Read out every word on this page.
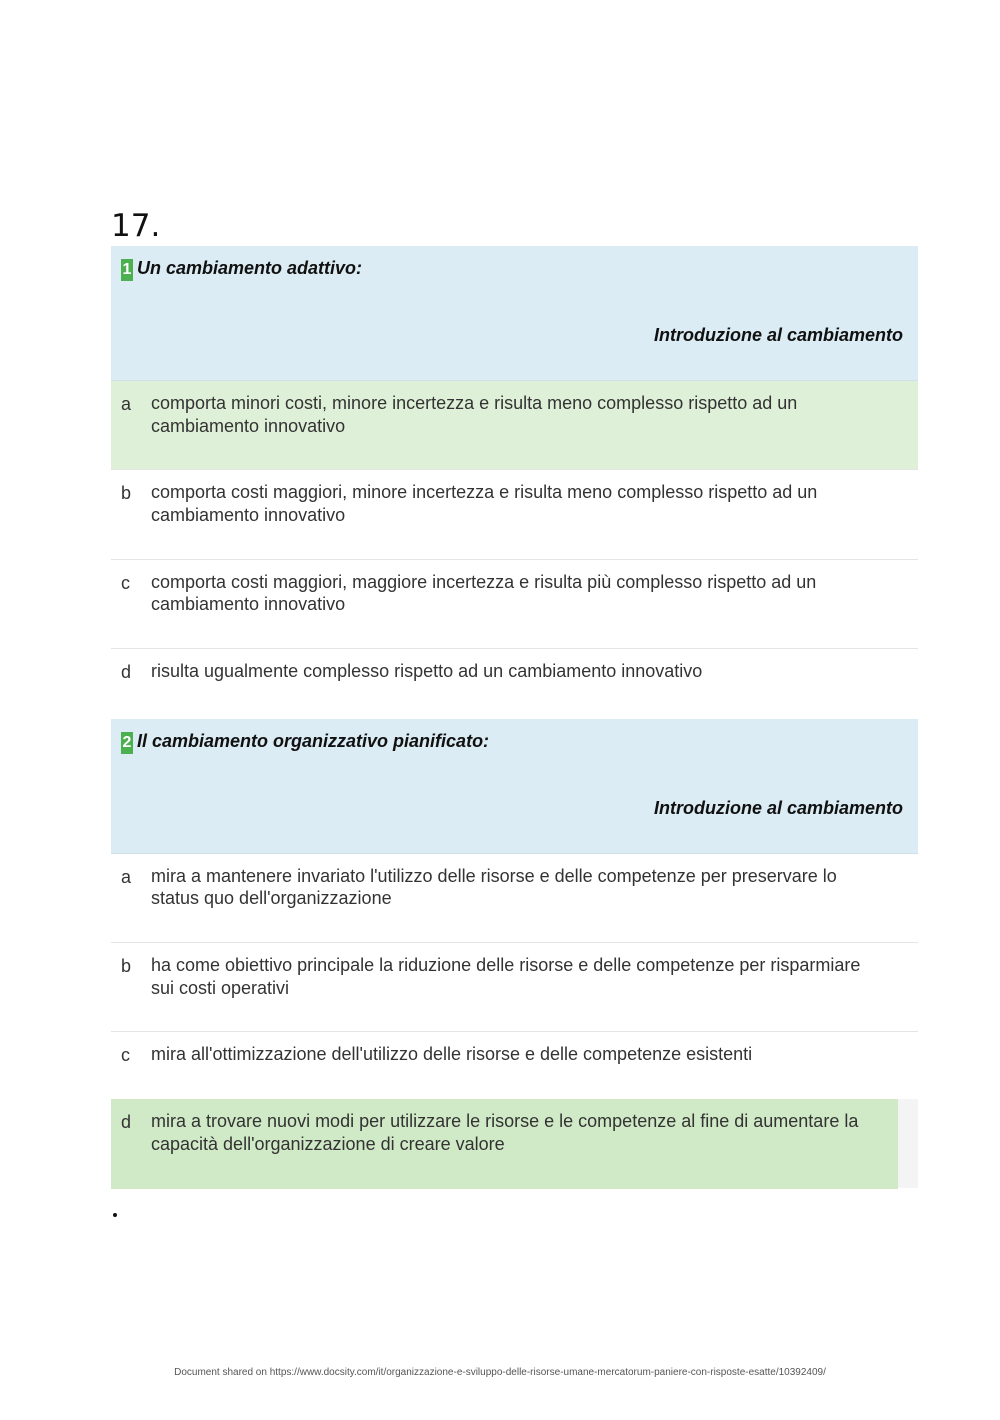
17.
1 Un cambiamento adattivo:
Introduzione al cambiamento
a	comporta minori costi, minore incertezza e risulta meno complesso rispetto ad un cambiamento innovativo
b	comporta costi maggiori, minore incertezza e risulta meno complesso rispetto ad un cambiamento innovativo
c	comporta costi maggiori, maggiore incertezza e risulta più complesso rispetto ad un cambiamento innovativo
d	risulta ugualmente complesso rispetto ad un cambiamento innovativo
2 Il cambiamento organizzativo pianificato:
Introduzione al cambiamento
a	mira a mantenere invariato l'utilizzo delle risorse e delle competenze per preservare lo status quo dell'organizzazione
b	ha come obiettivo principale la riduzione delle risorse e delle competenze per risparmiare sui costi operativi
c	mira all'ottimizzazione dell'utilizzo delle risorse e delle competenze esistenti
d	mira a trovare nuovi modi per utilizzare le risorse e le competenze al fine di aumentare la capacità dell'organizzazione di creare valore
Document shared on https://www.docsity.com/it/organizzazione-e-sviluppo-delle-risorse-umane-mercatorum-paniere-con-risposte-esatte/10392409/
